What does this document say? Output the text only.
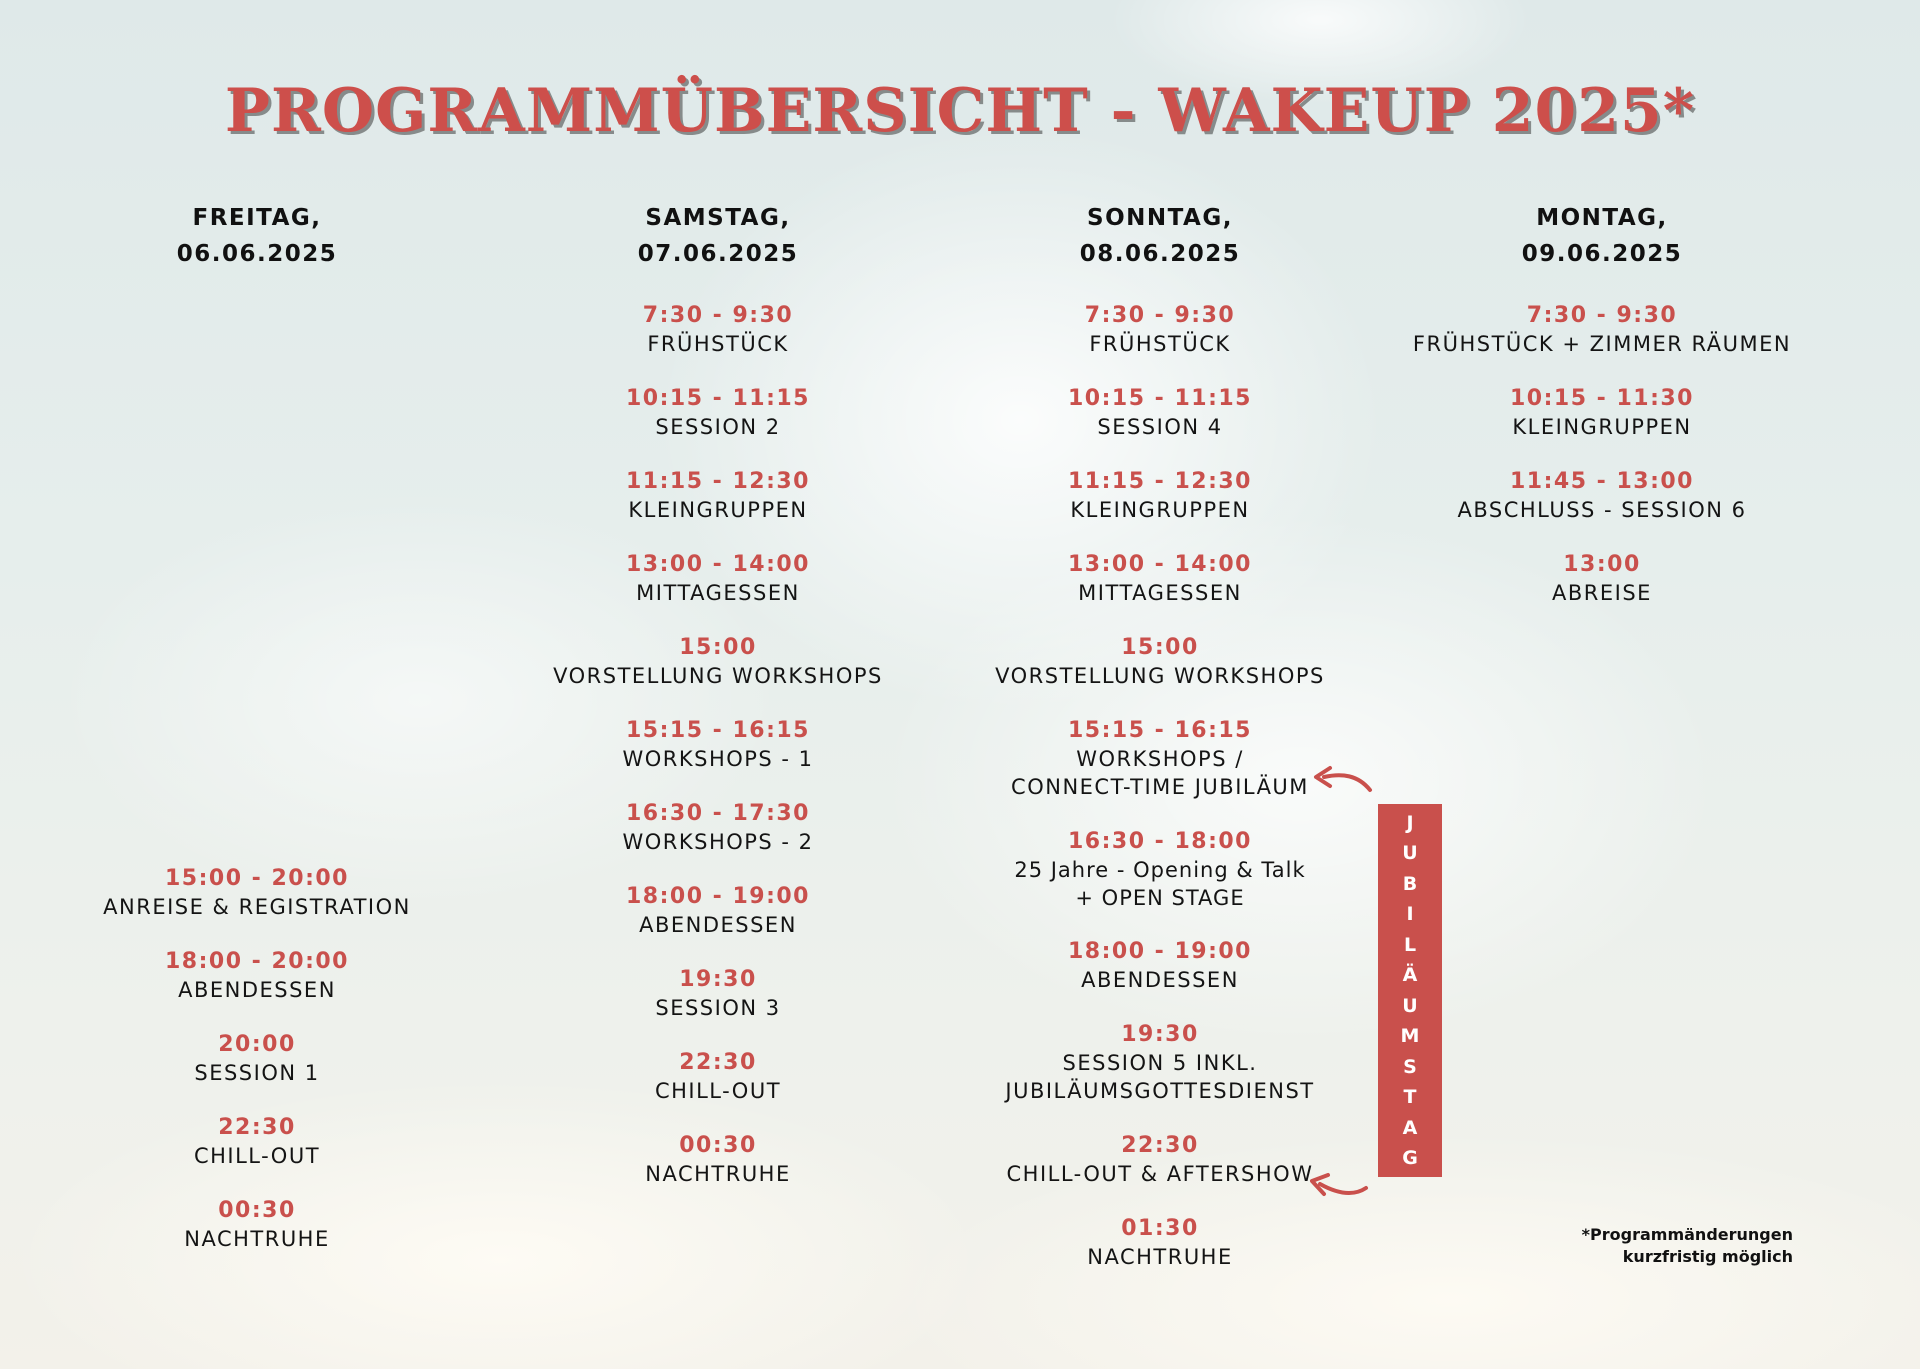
PROGRAMMÜBERSICHT - WAKEUP 2025*
FREITAG,
06.06.2025
15:00 - 20:00
ANREISE & REGISTRATION
18:00 - 20:00
ABENDESSEN
20:00
SESSION 1
22:30
CHILL-OUT
00:30
NACHTRUHE
SAMSTAG,
07.06.2025
7:30 - 9:30
FRÜHSTÜCK
10:15 - 11:15
SESSION 2
11:15 - 12:30
KLEINGRUPPEN
13:00 - 14:00
MITTAGESSEN
15:00
VORSTELLUNG WORKSHOPS
15:15 - 16:15
WORKSHOPS - 1
16:30 - 17:30
WORKSHOPS - 2
18:00 - 19:00
ABENDESSEN
19:30
SESSION 3
22:30
CHILL-OUT
00:30
NACHTRUHE
SONNTAG,
08.06.2025
7:30 - 9:30
FRÜHSTÜCK
10:15 - 11:15
SESSION 4
11:15 - 12:30
KLEINGRUPPEN
13:00 - 14:00
MITTAGESSEN
15:00
VORSTELLUNG WORKSHOPS
15:15 - 16:15
WORKSHOPS /
CONNECT-TIME JUBILÄUM
16:30 - 18:00
25 Jahre - Opening & Talk
+ OPEN STAGE
18:00 - 19:00
ABENDESSEN
19:30
SESSION 5 INKL.
JUBILÄUMSGOTTESDIENST
22:30
CHILL-OUT & AFTERSHOW
01:30
NACHTRUHE
MONTAG,
09.06.2025
7:30 - 9:30
FRÜHSTÜCK + ZIMMER RÄUMEN
10:15 - 11:30
KLEINGRUPPEN
11:45 - 13:00
ABSCHLUSS - SESSION 6
13:00
ABREISE
J
U
B
I
L
Ä
U
M
S
T
A
G
*Programmänderungen
kurzfristig möglich
